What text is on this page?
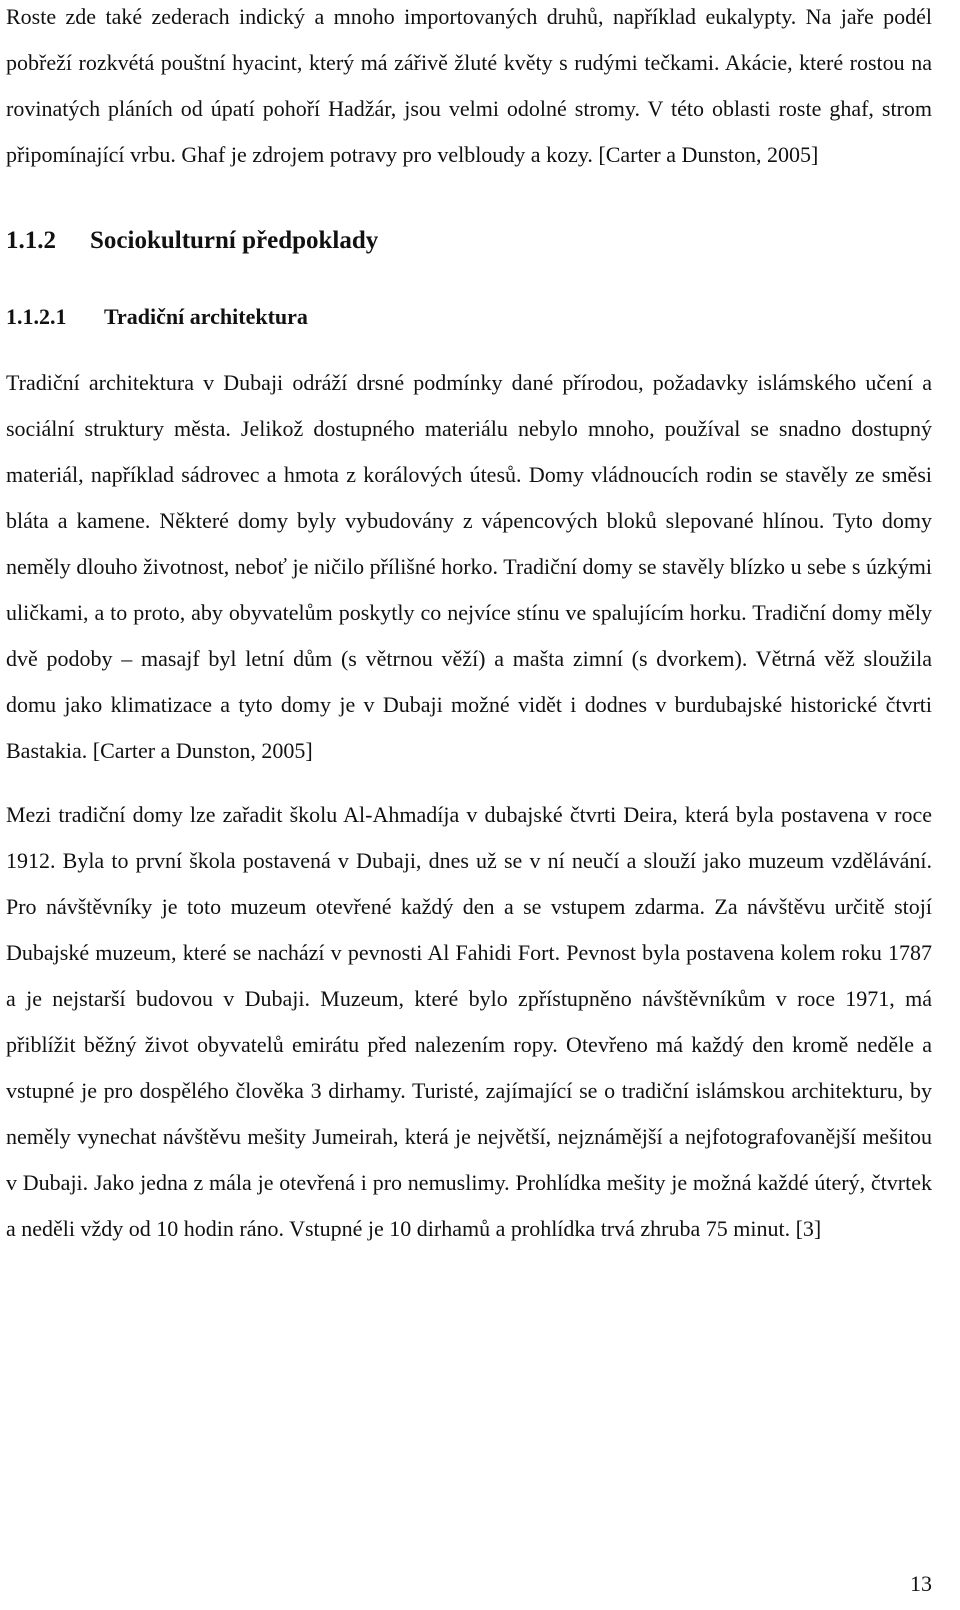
Roste zde také zederach indický a mnoho importovaných druhů, například eukalypty. Na jaře podél pobřeží rozkvétá pouštní hyacint, který má zářivě žluté květy s rudými tečkami. Akácie, které rostou na rovinatých pláních od úpatí pohoří Hadžár, jsou velmi odolné stromy. V této oblasti roste ghaf, strom připomínající vrbu. Ghaf je zdrojem potravy pro velbloudy a kozy. [Carter a Dunston, 2005]

1.1.2	Sociokulturní předpoklady
1.1.2.1	Tradiční architektura

Tradiční architektura v Dubaji odráží drsné podmínky dané přírodou, požadavky islámského učení a sociální struktury města. Jelikož dostupného materiálu nebylo mnoho, používal se snadno dostupný materiál, například sádrovec a hmota z korálových útesů. Domy vládnoucích rodin se stavěly ze směsi bláta a kamene. Některé domy byly vybudovány z vápencových bloků slepované hlínou. Tyto domy neměly dlouho životnost, neboť je ničilo přílišné horko. Tradiční domy se stavěly blízko u sebe s úzkými uličkami, a to proto, aby obyvatelům poskytly co nejvíce stínu ve spalujícím horku. Tradiční domy měly dvě podoby – masajf byl letní dům (s větrnou věží) a mašta zimní (s dvorkem). Větrná věž sloužila domu jako klimatizace a tyto domy je v Dubaji možné vidět i dodnes v burdubajské historické čtvrti Bastakia. [Carter a Dunston, 2005]

Mezi tradiční domy lze zařadit školu Al-Ahmadíja v dubajské čtvrti Deira, která byla postavena v roce 1912. Byla to první škola postavená v Dubaji, dnes už se v ní neučí a slouží jako muzeum vzdělávání. Pro návštěvníky je toto muzeum otevřené každý den a se vstupem zdarma. Za návštěvu určitě stojí Dubajské muzeum, které se nachází v pevnosti Al Fahidi Fort. Pevnost byla postavena kolem roku 1787 a je nejstarší budovou v Dubaji. Muzeum, které bylo zpřístupněno návštěvníkům v roce 1971, má přiblížit běžný život obyvatelů emirátu před nalezením ropy. Otevřeno má každý den kromě neděle a vstupné je pro dospělého člověka 3 dirhamy. Turisté, zajímající se o tradiční islámskou architekturu, by neměly vynechat návštěvu mešity Jumeirah, která je největší, nejznámější a nejfotografovanější mešitou v Dubaji. Jako jedna z mála je otevřená i pro nemuslimy. Prohlídka mešity je možná každé úterý, čtvrtek a neděli vždy od 10 hodin ráno. Vstupné je 10 dirhamů a prohlídka trvá zhruba 75 minut. [3]

13
